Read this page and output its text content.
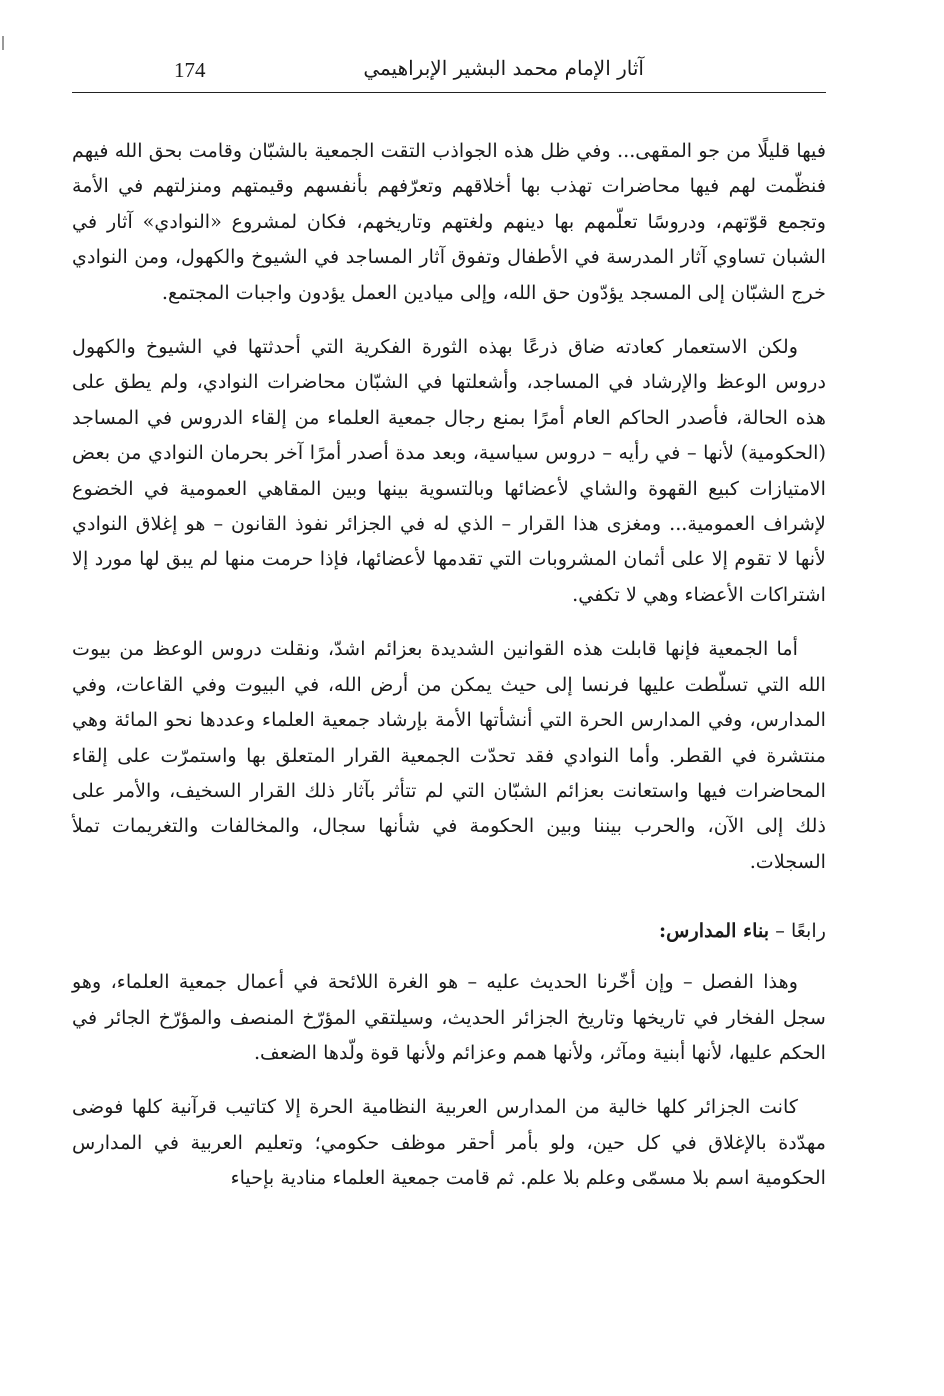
174	آثار الإمام محمد البشير الإبراهيمي

فيها قليلًا من جو المقهى... وفي ظل هذه الجواذب التقت الجمعية بالشبّان وقامت بحق الله فيهم فنظّمت لهم فيها محاضرات تهذب بها أخلاقهم وتعرّفهم بأنفسهم وقيمتهم ومنزلتهم في الأمة وتجمع قوّتهم، ودروسًا تعلّمهم بها دينهم ولغتهم وتاريخهم، فكان لمشروع «النوادي» آثار في الشبان تساوي آثار المدرسة في الأطفال وتفوق آثار المساجد في الشيوخ والكهول، ومن النوادي خرج الشبّان إلى المسجد يؤدّون حق الله، وإلى ميادين العمل يؤدون واجبات المجتمع.

ولكن الاستعمار كعادته ضاق ذرعًا بهذه الثورة الفكرية التي أحدثتها في الشيوخ والكهول دروس الوعظ والإرشاد في المساجد، وأشعلتها في الشبّان محاضرات النوادي، ولم يطق على هذه الحالة، فأصدر الحاكم العام أمرًا بمنع رجال جمعية العلماء من إلقاء الدروس في المساجد (الحكومية) لأنها – في رأيه – دروس سياسية، وبعد مدة أصدر أمرًا آخر بحرمان النوادي من بعض الامتيازات كبيع القهوة والشاي لأعضائها وبالتسوية بينها وبين المقاهي العمومية في الخضوع لإشراف العمومية... ومغزى هذا القرار – الذي له في الجزائر نفوذ القانون – هو إغلاق النوادي لأنها لا تقوم إلا على أثمان المشروبات التي تقدمها لأعضائها، فإذا حرمت منها لم يبق لها مورد إلا اشتراكات الأعضاء وهي لا تكفي.

أما الجمعية فإنها قابلت هذه القوانين الشديدة بعزائم اشدّ، ونقلت دروس الوعظ من بيوت الله التي تسلّطت عليها فرنسا إلى حيث يمكن من أرض الله، في البيوت وفي القاعات، وفي المدارس، وفي المدارس الحرة التي أنشأتها الأمة بإرشاد جمعية العلماء وعددها نحو المائة وهي منتشرة في القطر. وأما النوادي فقد تحدّت الجمعية القرار المتعلق بها واستمرّت على إلقاء المحاضرات فيها واستعانت بعزائم الشبّان التي لم تتأثر بآثار ذلك القرار السخيف، والأمر على ذلك إلى الآن، والحرب بيننا وبين الحكومة في شأنها سجال، والمخالفات والتغريمات تملأ السجلات.

رابعًا – بناء المدارس:

وهذا الفصل – وإن أخّرنا الحديث عليه – هو الغرة اللائحة في أعمال جمعية العلماء، وهو سجل الفخار في تاريخها وتاريخ الجزائر الحديث، وسيلتقي المؤرّخ المنصف والمؤرّخ الجائر في الحكم عليها، لأنها أبنية ومآثر، ولأنها همم وعزائم ولأنها قوة ولّدها الضعف.

كانت الجزائر كلها خالية من المدارس العربية النظامية الحرة إلا كتاتيب قرآنية كلها فوضى مهدّدة بالإغلاق في كل حين، ولو بأمر أحقر موظف حكومي؛ وتعليم العربية في المدارس الحكومية اسم بلا مسمّى وعلم بلا علم. ثم قامت جمعية العلماء منادية بإحياء
